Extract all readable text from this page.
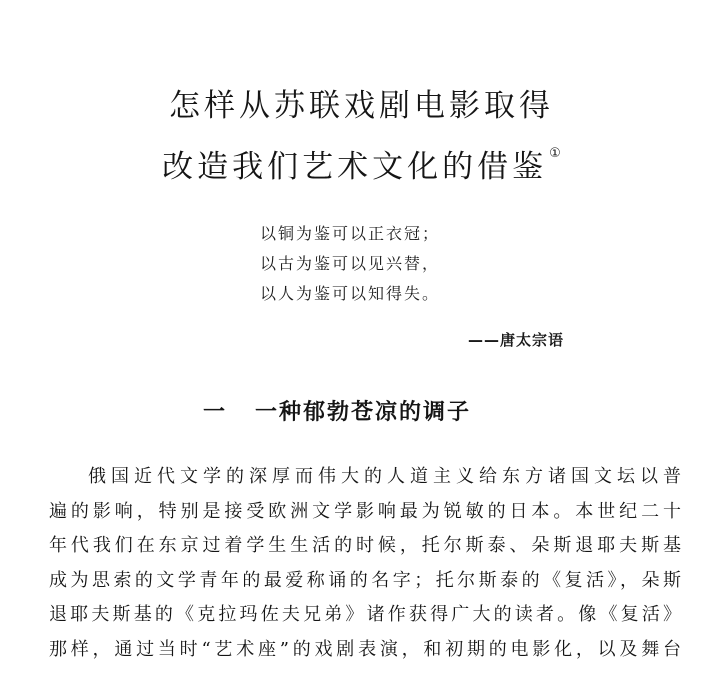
怎样从苏联戏剧电影取得
改造我们艺术文化的借鉴 ①
以铜为鉴可以正衣冠；
以古为鉴可以见兴替，
以人为鉴可以知得失。
——唐太宗语
一 一种郁勃苍凉的调子
俄国近代文学的深厚而伟大的人道主义给东方诸国文坛以普
遍的影响，特别是接受欧洲文学影响最为锐敏的日本。本世纪二十
年代我们在东京过着学生生活的时候，托尔斯泰、朵斯退耶夫斯基
成为思索的文学青年的最爱称诵的名字；托尔斯泰的《复活》，朵斯
退耶夫斯基的《克拉玛佐夫兄弟》诸作获得广大的读者。像《复活》
那样，通过当时“艺术座”的戏剧表演，和初期的电影化，以及舞台
